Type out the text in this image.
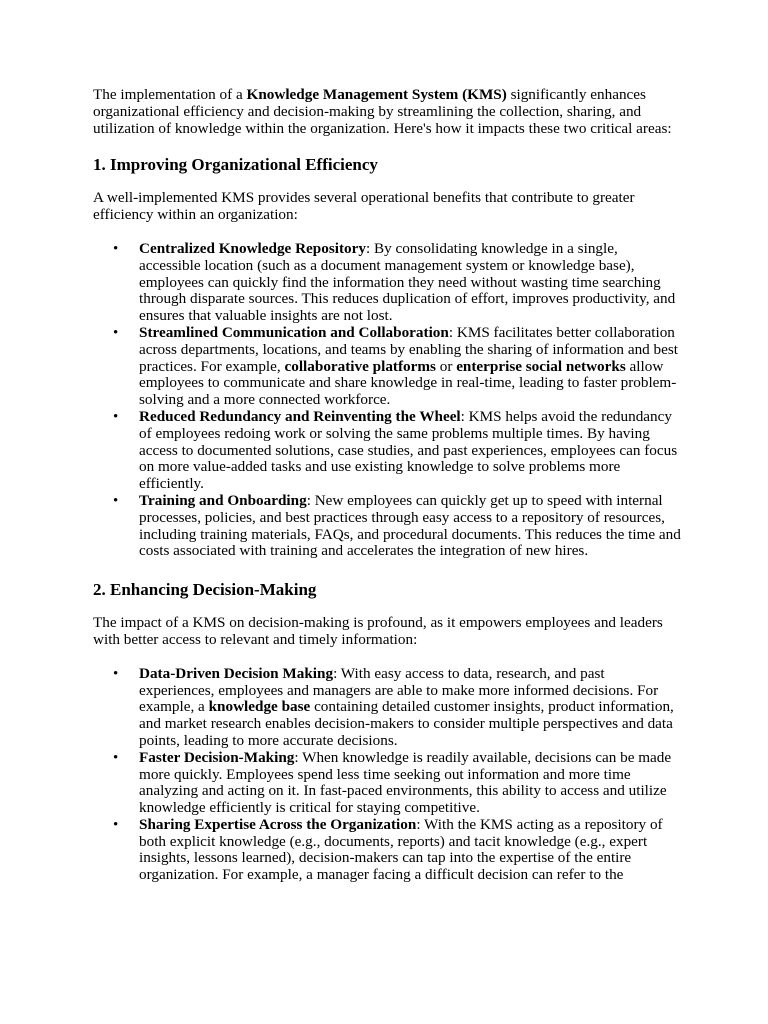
The implementation of a Knowledge Management System (KMS) significantly enhances organizational efficiency and decision-making by streamlining the collection, sharing, and utilization of knowledge within the organization. Here's how it impacts these two critical areas:

1. Improving Organizational Efficiency

A well-implemented KMS provides several operational benefits that contribute to greater efficiency within an organization:

• Centralized Knowledge Repository: By consolidating knowledge in a single, accessible location (such as a document management system or knowledge base), employees can quickly find the information they need without wasting time searching through disparate sources. This reduces duplication of effort, improves productivity, and ensures that valuable insights are not lost.
• Streamlined Communication and Collaboration: KMS facilitates better collaboration across departments, locations, and teams by enabling the sharing of information and best practices. For example, collaborative platforms or enterprise social networks allow employees to communicate and share knowledge in real-time, leading to faster problem-solving and a more connected workforce.
• Reduced Redundancy and Reinventing the Wheel: KMS helps avoid the redundancy of employees redoing work or solving the same problems multiple times. By having access to documented solutions, case studies, and past experiences, employees can focus on more value-added tasks and use existing knowledge to solve problems more efficiently.
• Training and Onboarding: New employees can quickly get up to speed with internal processes, policies, and best practices through easy access to a repository of resources, including training materials, FAQs, and procedural documents. This reduces the time and costs associated with training and accelerates the integration of new hires.
2. Enhancing Decision-Making

The impact of a KMS on decision-making is profound, as it empowers employees and leaders with better access to relevant and timely information:

• Data-Driven Decision Making: With easy access to data, research, and past experiences, employees and managers are able to make more informed decisions. For example, a knowledge base containing detailed customer insights, product information, and market research enables decision-makers to consider multiple perspectives and data points, leading to more accurate decisions.
• Faster Decision-Making: When knowledge is readily available, decisions can be made more quickly. Employees spend less time seeking out information and more time analyzing and acting on it. In fast-paced environments, this ability to access and utilize knowledge efficiently is critical for staying competitive.
• Sharing Expertise Across the Organization: With the KMS acting as a repository of both explicit knowledge (e.g., documents, reports) and tacit knowledge (e.g., expert insights, lessons learned), decision-makers can tap into the expertise of the entire organization. For example, a manager facing a difficult decision can refer to the
